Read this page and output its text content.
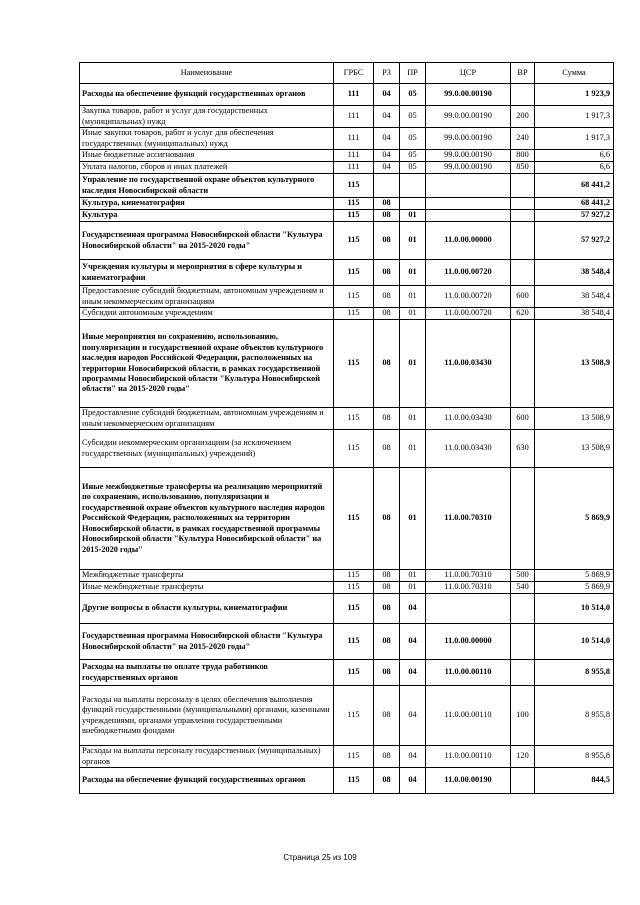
Наименование	ГРБС	РЗ	ПР	ЦСР	ВР	Сумма
Расходы на обеспечение функций государственных органов	111	04	05	99.0.00.00190		1 923,9
Закупка товаров, работ и услуг для государственных (муниципальных) нужд	111	04	05	99.0.00.00190	200	1 917,3
Иные закупки товаров, работ и услуг для обеспечения государственных (муниципальных) нужд	111	04	05	99.0.00.00190	240	1 917,3
Иные бюджетные ассигнования	111	04	05	99.0.00.00190	800	6,6
Уплата налогов, сборов и иных платежей	111	04	05	99.0.00.00190	850	6,6
Управление по государственной охране объектов культурного наследия Новосибирской области	115					68 441,2
Культура, кинематография	115	08				68 441,2
Культура	115	08	01			57 927,2
Государственная программа Новосибирской области "Культура Новосибирской области" на 2015-2020 годы"	115	08	01	11.0.00.00000		57 927,2
Учреждения культуры и мероприятия в сфере культуры и кинематографии	115	08	01	11.0.00.00720		38 548,4
Предоставление субсидий бюджетным, автономным учреждениям и иным некоммерческим организациям	115	08	01	11.0.00.00720	600	38 548,4
Субсидии автономным учреждениям	115	08	01	11.0.00.00720	620	38 548,4
Иные мероприятия по сохранению, использованию, популяризации и государственной охране объектов культурного наследия народов Российской Федерации, расположенных на территории Новосибирской области, в рамках государственной программы Новосибирской области "Культура Новосибирской области" на 2015-2020 годы"	115	08	01	11.0.00.03430		13 508,9
Предоставление субсидий бюджетным, автономным учреждениям и иным некоммерческим организациям	115	08	01	11.0.00.03430	600	13 508,9
Субсидии некоммерческим организациям (за исключением государственных (муниципальных) учреждений)	115	08	01	11.0.00.03430	630	13 508,9
Иные межбюджетные трансферты на реализацию мероприятий по сохранению, использованию, популяризации и государственной охране объектов культурного наследия народов Российской Федерации, расположенных на территории Новосибирской области, в рамках государственной программы Новосибирской области "Культура Новосибирской области" на 2015-2020 годы"	115	08	01	11.0.00.70310		5 869,9
Межбюджетные трансферты	115	08	01	11.0.00.70310	500	5 869,9
Иные межбюджетные трансферты	115	08	01	11.0.00.70310	540	5 869,9
Другие вопросы в области культуры, кинематографии	115	08	04			10 514,0
Государственная программа Новосибирской области "Культура Новосибирской области" на 2015-2020 годы"	115	08	04	11.0.00.00000		10 514,0
Расходы на выплаты по оплате труда работников государственных органов	115	08	04	11.0.00.00110		8 955,8
Расходы на выплаты персоналу в целях обеспечения выполнения функций государственными (муниципальными) органами, казенными учреждениями, органами управления государственными внебюджетными фондами	115	08	04	11.0.00.00110	100	8 955,8
Расходы на выплаты персоналу государственных (муниципальных) органов	115	08	04	11.0.00.00110	120	8 955,8
Расходы на обеспечение функций государственных органов	115	08	04	11.0.00.00190		844,5
Страница 25 из 109
